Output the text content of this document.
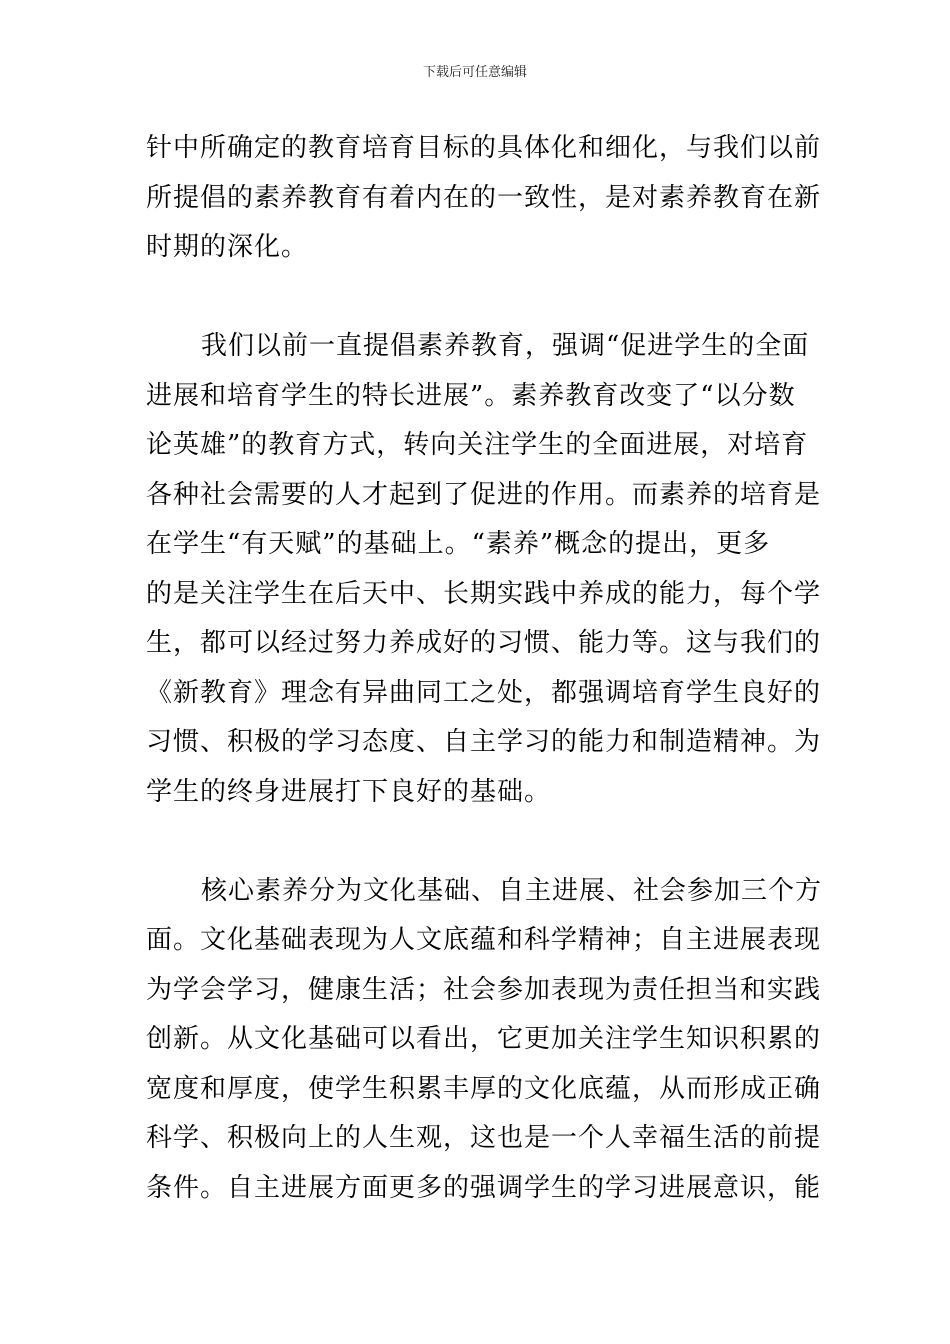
下载后可任意编辑

针中所确定的教育培育目标的具体化和细化，与我们以前
所提倡的素养教育有着内在的一致性，是对素养教育在新
时期的深化。

我们以前一直提倡素养教育，强调“促进学生的全面
进展和培育学生的特长进展”。素养教育改变了“以分数
论英雄”的教育方式，转向关注学生的全面进展，对培育
各种社会需要的人才起到了促进的作用。而素养的培育是
在学生“有天赋”的基础上。“素养”概念的提出，更多
的是关注学生在后天中、长期实践中养成的能力，每个学
生，都可以经过努力养成好的习惯、能力等。这与我们的
《新教育》理念有异曲同工之处，都强调培育学生良好的
习惯、积极的学习态度、自主学习的能力和制造精神。为
学生的终身进展打下良好的基础。

核心素养分为文化基础、自主进展、社会参加三个方
面。文化基础表现为人文底蕴和科学精神；自主进展表现
为学会学习，健康生活；社会参加表现为责任担当和实践
创新。从文化基础可以看出，它更加关注学生知识积累的
宽度和厚度，使学生积累丰厚的文化底蕴，从而形成正确
科学、积极向上的人生观，这也是一个人幸福生活的前提
条件。自主进展方面更多的强调学生的学习进展意识，能
